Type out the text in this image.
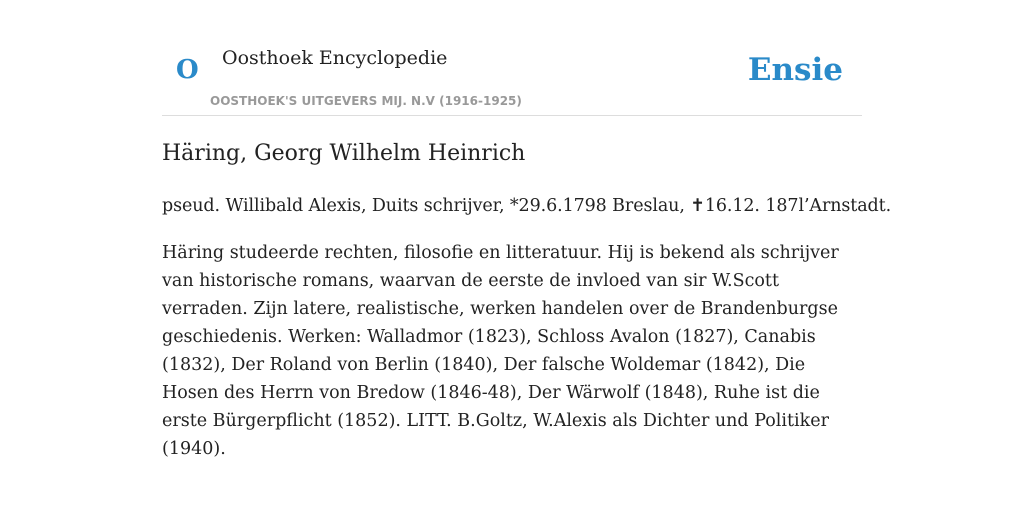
O Oosthoek Encyclopedie
OOSTHOEK'S UITGEVERS MIJ. N.V (1916-1925)
Ensie
Häring, Georg Wilhelm Heinrich

pseud. Willibald Alexis, Duits schrijver, *29.6.1798 Breslau, ✝16.12. 187l’Arnstadt.

Häring studeerde rechten, filosofie en litteratuur. Hij is bekend als schrijver van historische romans, waarvan de eerste de invloed van sir W.Scott verraden. Zijn latere, realistische, werken handelen over de Brandenburgse geschiedenis. Werken: Walladmor (1823), Schloss Avalon (1827), Canabis (1832), Der Roland von Berlin (1840), Der falsche Woldemar (1842), Die Hosen des Herrn von Bredow (1846-48), Der Wärwolf (1848), Ruhe ist die erste Bürgerpflicht (1852). LITT. B.Goltz, W.Alexis als Dichter und Politiker (1940).
